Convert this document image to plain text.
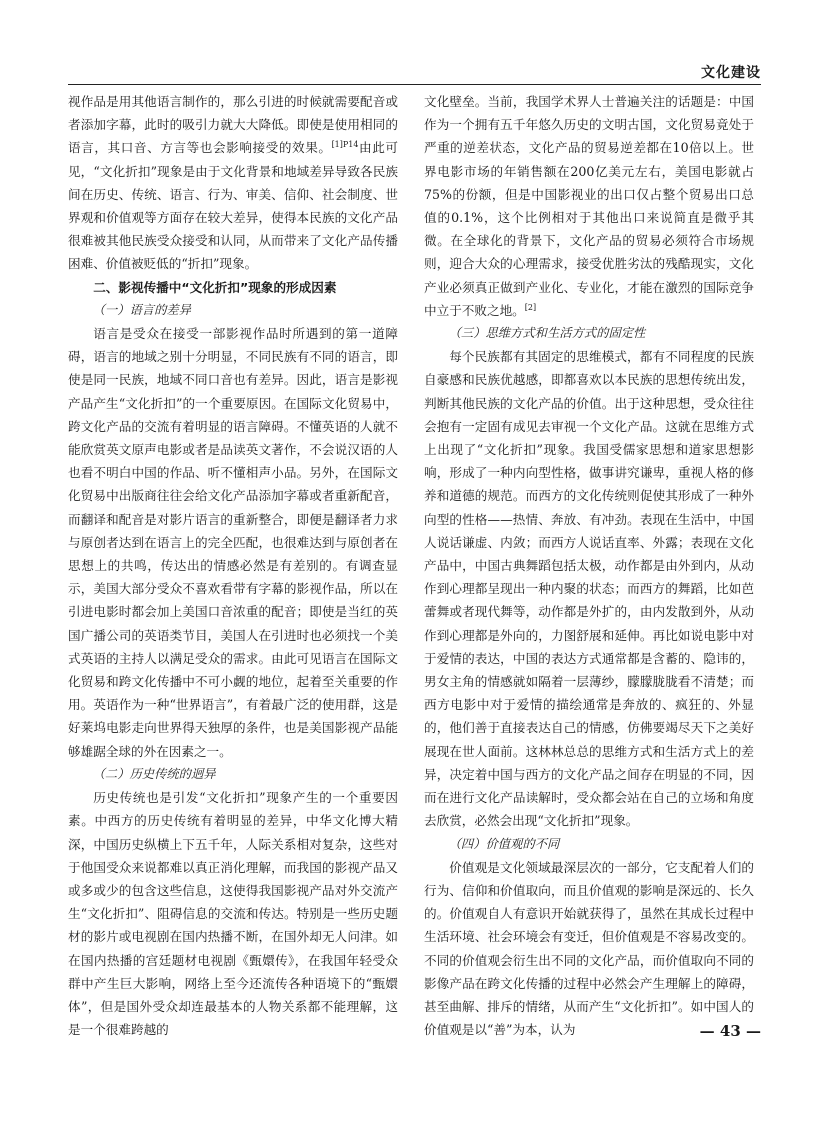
文化建设

视作品是用其他语言制作的，那么引进的时候就需要配音或者添加字幕，此时的吸引力就大大降低。即使是使用相同的语言，其口音、方言等也会影响接受的效果。$^{[1]P14}$由此可见，“文化折扣”现象是由于文化背景和地域差异导致各民族间在历史、传统、语言、行为、审美、信仰、社会制度、世界观和价值观等方面存在较大差异，使得本民族的文化产品很难被其他民族受众接受和认同，从而带来了文化产品传播困难、价值被贬低的“折扣”现象。

二、影视传播中“文化折扣”现象的形成因素

（一）语言的差异

语言是受众在接受一部影视作品时所遇到的第一道障碍，语言的地域之别十分明显，不同民族有不同的语言，即使是同一民族，地域不同口音也有差异。因此，语言是影视产品产生“文化折扣”的一个重要原因。在国际文化贸易中，跨文化产品的交流有着明显的语言障碍。不懂英语的人就不能欣赏英文原声电影或者是品读英文著作，不会说汉语的人也看不明白中国的作品、听不懂相声小品。另外，在国际文化贸易中出版商往往会给文化产品添加字幕或者重新配音，而翻译和配音是对影片语言的重新整合，即便是翻译者力求与原创者达到在语言上的完全匹配，也很难达到与原创者在思想上的共鸣，传达出的情感必然是有差别的。有调查显示，美国大部分受众不喜欢看带有字幕的影视作品，所以在引进电影时都会加上美国口音浓重的配音；即使是当红的英国广播公司的英语类节目，美国人在引进时也必须找一个美式英语的主持人以满足受众的需求。由此可见语言在国际文化贸易和跨文化传播中不可小觑的地位，起着至关重要的作用。英语作为一种“世界语言”，有着最广泛的使用群，这是好莱坞电影走向世界得天独厚的条件，也是美国影视产品能够雄踞全球的外在因素之一。

（二）历史传统的迥异

历史传统也是引发“文化折扣”现象产生的一个重要因素。中西方的历史传统有着明显的差异，中华文化博大精深，中国历史纵横上下五千年，人际关系相对复杂，这些对于他国受众来说都难以真正消化理解，而我国的影视产品又或多或少的包含这些信息，这使得我国影视产品对外交流产生“文化折扣”、阻碍信息的交流和传达。特别是一些历史题材的影片或电视剧在国内热播不断，在国外却无人问津。如在国内热播的宫廷题材电视剧《甄嬛传》，在我国年轻受众群中产生巨大影响，网络上至今还流传各种语境下的“甄嬛体”，但是国外受众却连最基本的人物关系都不能理解，这是一个很难跨越的

文化壁垒。当前，我国学术界人士普遍关注的话题是：中国作为一个拥有五千年悠久历史的文明古国，文化贸易竟处于严重的逆差状态，文化产品的贸易逆差都在10倍以上。世界电影市场的年销售额在200亿美元左右，美国电影就占75%的份额，但是中国影视业的出口仅占整个贸易出口总值的0.1%，这个比例相对于其他出口来说简直是微乎其微。在全球化的背景下，文化产品的贸易必须符合市场规则，迎合大众的心理需求，接受优胜劣汰的残酷现实，文化产业必须真正做到产业化、专业化，才能在激烈的国际竞争中立于不败之地。[2]

（三）思维方式和生活方式的固定性

每个民族都有其固定的思维模式，都有不同程度的民族自豪感和民族优越感，即都喜欢以本民族的思想传统出发，判断其他民族的文化产品的价值。出于这种思想，受众往往会抱有一定固有成见去审视一个文化产品。这就在思维方式上出现了“文化折扣”现象。我国受儒家思想和道家思想影响，形成了一种内向型性格，做事讲究谦卑，重视人格的修养和道德的规范。而西方的文化传统则促使其形成了一种外向型的性格——热情、奔放、有冲劲。表现在生活中，中国人说话谦虚、内敛；而西方人说话直率、外露；表现在文化产品中，中国古典舞蹈包括太极，动作都是由外到内，从动作到心理都呈现出一种内聚的状态；而西方的舞蹈，比如芭蕾舞或者现代舞等，动作都是外扩的，由内发散到外，从动作到心理都是外向的，力图舒展和延伸。再比如说电影中对于爱情的表达，中国的表达方式通常都是含蓄的、隐讳的，男女主角的情感就如隔着一层薄纱，朦朦胧胧看不清楚；而西方电影中对于爱情的描绘通常是奔放的、疯狂的、外显的，他们善于直接表达自己的情感，仿佛要竭尽天下之美好展现在世人面前。这林林总总的思维方式和生活方式上的差异，决定着中国与西方的文化产品之间存在明显的不同，因而在进行文化产品读解时，受众都会站在自己的立场和角度去欣赏，必然会出现“文化折扣”现象。

（四）价值观的不同

价值观是文化领域最深层次的一部分，它支配着人们的行为、信仰和价值取向，而且价值观的影响是深远的、长久的。价值观自人有意识开始就获得了，虽然在其成长过程中生活环境、社会环境会有变迁，但价值观是不容易改变的。不同的价值观会衍生出不同的文化产品，而价值取向不同的影像产品在跨文化传播的过程中必然会产生理解上的障碍，甚至曲解、排斥的情绪，从而产生“文化折扣”。如中国人的价值观是以“善”为本，认为	— 43 —
